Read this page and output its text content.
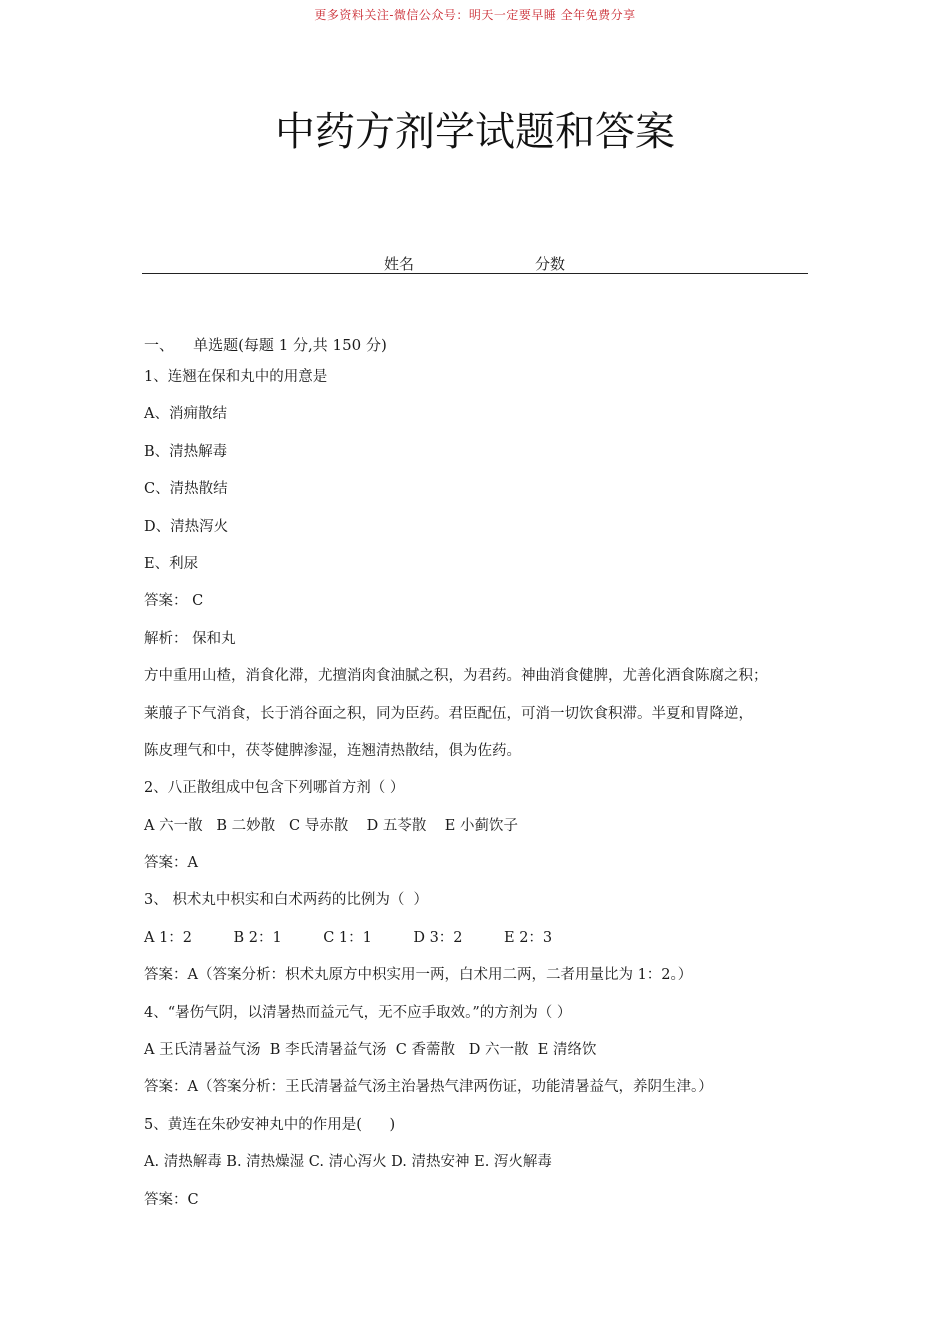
更多资料关注-微信公众号：明天一定要早睡 全年免费分享
中药方剂学试题和答案
姓名	分数
一、    单选题(每题 1 分,共 150 分)
1、连翘在保和丸中的用意是
A、消痈散结
B、清热解毒
C、清热散结
D、清热泻火
E、利尿
答案： C
解析： 保和丸
方中重用山楂，消食化滞，尤擅消肉食油腻之积，为君药。神曲消食健脾，尤善化酒食陈腐之积；
莱菔子下气消食，长于消谷面之积，同为臣药。君臣配伍，可消一切饮食积滞。半夏和胃降逆，
陈皮理气和中，茯苓健脾渗湿，连翘清热散结，俱为佐药。
2、八正散组成中包含下列哪首方剂（ ）
A 六一散   B 二妙散   C 导赤散    D 五苓散    E 小蓟饮子
答案：A
3、 枳术丸中枳实和白术两药的比例为（  ）
A 1：2         B 2：1         C 1：1         D 3：2         E 2：3
答案：A（答案分析：枳术丸原方中枳实用一两，白术用二两，二者用量比为 1：2。）
4、“暑伤气阴，以清暑热而益元气，无不应手取效。”的方剂为（ ）
A 王氏清暑益气汤  B 李氏清暑益气汤  C 香薷散   D 六一散  E 清络饮
答案：A（答案分析：王氏清暑益气汤主治暑热气津两伤证，功能清暑益气，养阴生津。）
5、黄连在朱砂安神丸中的作用是(      )
A. 清热解毒 B. 清热燥湿 C. 清心泻火 D. 清热安神 E. 泻火解毒
答案：C
